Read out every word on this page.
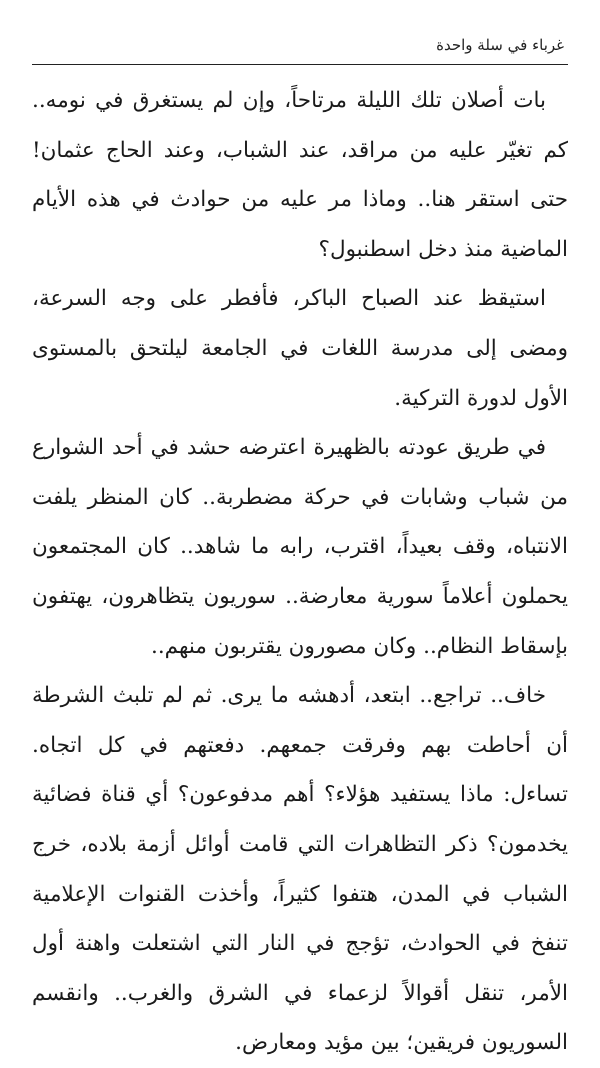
غرباء في سلة واحدة

بات أصلان تلك الليلة مرتاحاً، وإن لم يستغرق في نومه.. كم تغيّر عليه من مراقد، عند الشباب، وعند الحاج عثمان! حتى استقر هنا.. وماذا مر عليه من حوادث في هذه الأيام الماضية منذ دخل اسطنبول؟

استيقظ عند الصباح الباكر، فأفطر على وجه السرعة، ومضى إلى مدرسة اللغات في الجامعة ليلتحق بالمستوى الأول لدورة التركية.

في طريق عودته بالظهيرة اعترضه حشد في أحد الشوارع من شباب وشابات في حركة مضطربة.. كان المنظر يلفت الانتباه، وقف بعيداً، اقترب، رابه ما شاهد.. كان المجتمعون يحملون أعلاماً سورية معارضة.. سوريون يتظاهرون، يهتفون بإسقاط النظام.. وكان مصورون يقتربون منهم..

خاف.. تراجع.. ابتعد، أدهشه ما يرى. ثم لم تلبث الشرطة أن أحاطت بهم وفرقت جمعهم. دفعتهم في كل اتجاه. تساءل: ماذا يستفيد هؤلاء؟ أهم مدفوعون؟ أي قناة فضائية يخدمون؟ ذكر التظاهرات التي قامت أوائل أزمة بلاده، خرج الشباب في المدن، هتفوا كثيراً، وأخذت القنوات الإعلامية تنفخ في الحوادث، تؤجج في النار التي اشتعلت واهنة أول الأمر، تنقل أقوالاً لزعماء في الشرق والغرب.. وانقسم السوريون فريقين؛ بين مؤيد ومعارض.
